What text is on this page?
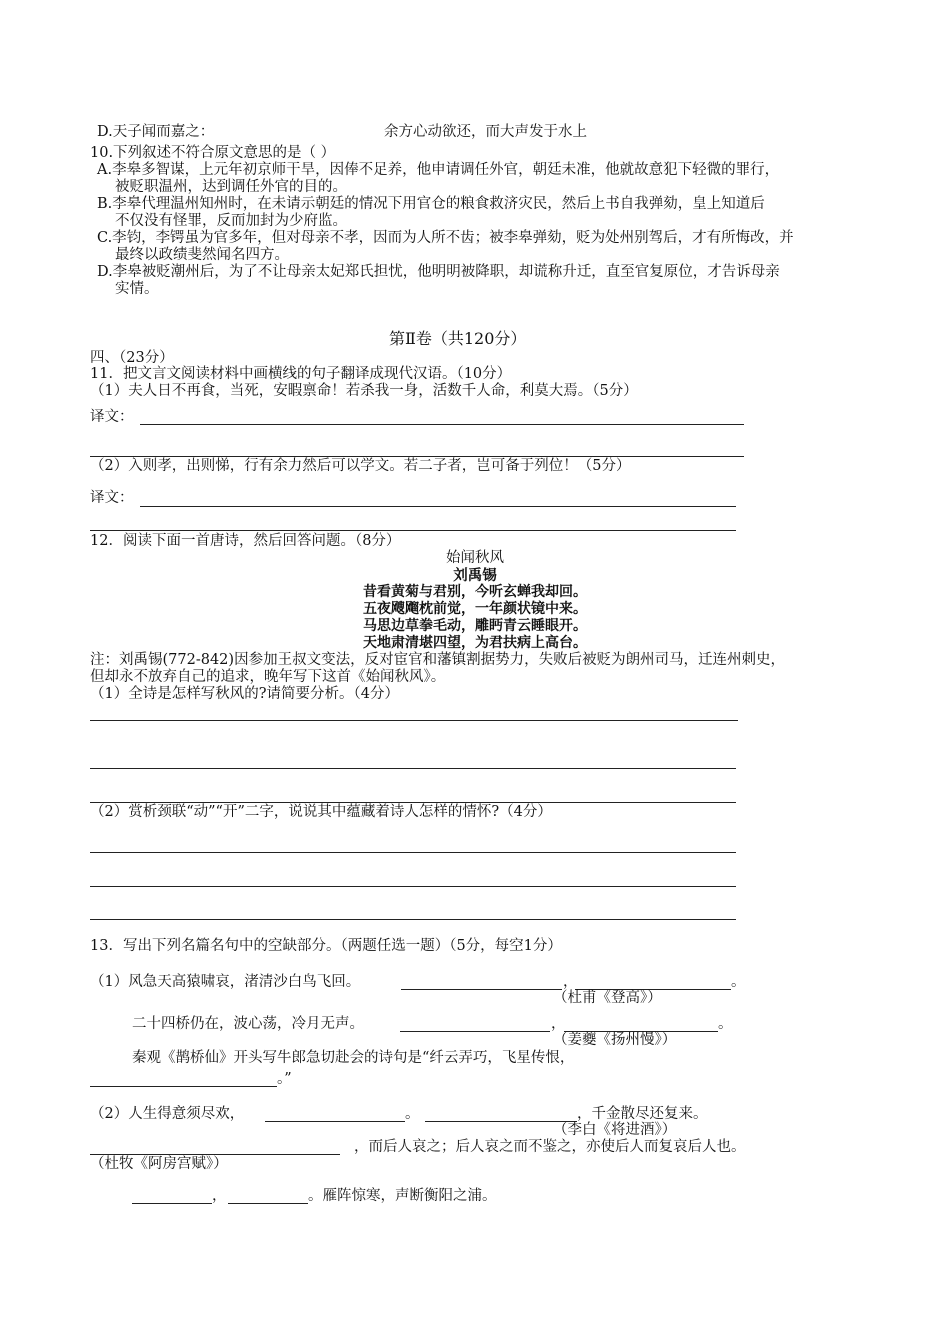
D.天子闻而嘉之：	余方心动欲还，而大声发于水上
10.下列叙述不符合原文意思的是（ ）
A.李皋多智谋，上元年初京师干旱，因俸不足养，他申请调任外官，朝廷未准，他就故意犯下轻微的罪行，
被贬职温州，达到调任外官的目的。
B.李皋代理温州知州时，在未请示朝廷的情况下用官仓的粮食救济灾民，然后上书自我弹劾，皇上知道后
不仅没有怪罪，反而加封为少府监。
C.李钧，李锷虽为官多年，但对母亲不孝，因而为人所不齿；被李皋弹劾，贬为处州别驾后，才有所悔改，并
最终以政绩斐然闻名四方。
D.李皋被贬潮州后，为了不让母亲太妃郑氏担忧，他明明被降职，却谎称升迁，直至官复原位，才告诉母亲
实情。
第Ⅱ卷（共120分）
四、（23分）
11．把文言文阅读材料中画横线的句子翻译成现代汉语。（10分）
（1）夫人日不再食，当死，安暇禀命！若杀我一身，活数千人命，利莫大焉。（5分）
译文：
（2）入则孝，出则悌，行有余力然后可以学文。若二子者，岂可备于列位！（5分）
译文：
12．阅读下面一首唐诗，然后回答问题。（8分）
始闻秋风
刘禹锡
昔看黄菊与君别，今听玄蝉我却回。
五夜飕飗枕前觉，一年颜状镜中来。
马思边草拳毛动，雕眄青云睡眼开。
天地肃清堪四望，为君扶病上高台。
注：刘禹锡(772-842)因参加王叔文变法，反对宦官和藩镇割据势力，失败后被贬为朗州司马，迁连州刺史，
但却永不放弃自己的追求，晚年写下这首《始闻秋风》。
（1）全诗是怎样写秋风的?请简要分析。（4分）
（2）赏析颈联“动”“开”二字，说说其中蕴藏着诗人怎样的情怀?（4分）
13．写出下列名篇名句中的空缺部分。（两题任选一题）（5分，每空1分）
（1）风急天高猿啸哀，渚清沙白鸟飞回。	，	。
（杜甫《登高》）
二十四桥仍在，波心荡，冷月无声。	，	。
（姜夔《扬州慢》）
秦观《鹊桥仙》开头写牛郎急切赴会的诗句是“纤云弄巧，飞星传恨，
。”
（2）人生得意须尽欢，	。	，千金散尽还复来。
（李白《将进酒》）
，而后人哀之；后人哀之而不鉴之，亦使后人而复哀后人也。
（杜牧《阿房宫赋》）
，	。雁阵惊寒，声断衡阳之浦。
